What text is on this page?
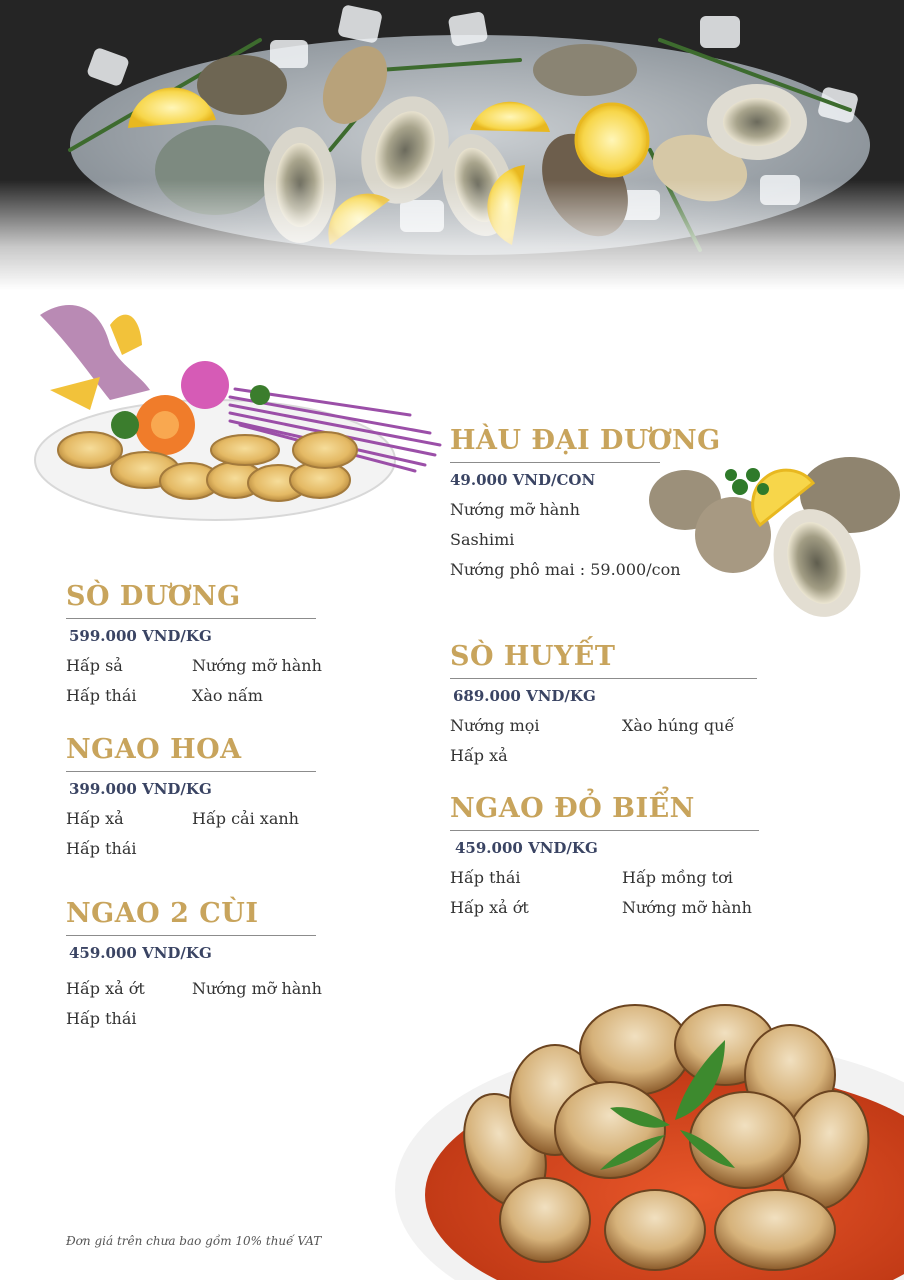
HÀU ĐẠI DƯƠNG
49.000 VND/CON
Nướng mỡ hành
Sashimi
Nướng phô mai : 59.000/con
SÒ DƯƠNG
599.000 VND/KG
Hấp sả	Nướng mỡ hành
Hấp thái	Xào nấm
SÒ HUYẾT
689.000 VND/KG
Nướng mọi	Xào húng quế
Hấp xả
NGAO HOA
399.000 VND/KG
Hấp xả	Hấp cải xanh
Hấp thái
NGAO ĐỎ BIỂN
459.000 VND/KG
Hấp thái	Hấp mồng tơi
Hấp xả ớt	Nướng mỡ hành
NGAO 2 CÙI
459.000 VND/KG
Hấp xả ớt	Nướng mỡ hành
Hấp thái
Đơn giá trên chưa bao gồm 10% thuế VAT
